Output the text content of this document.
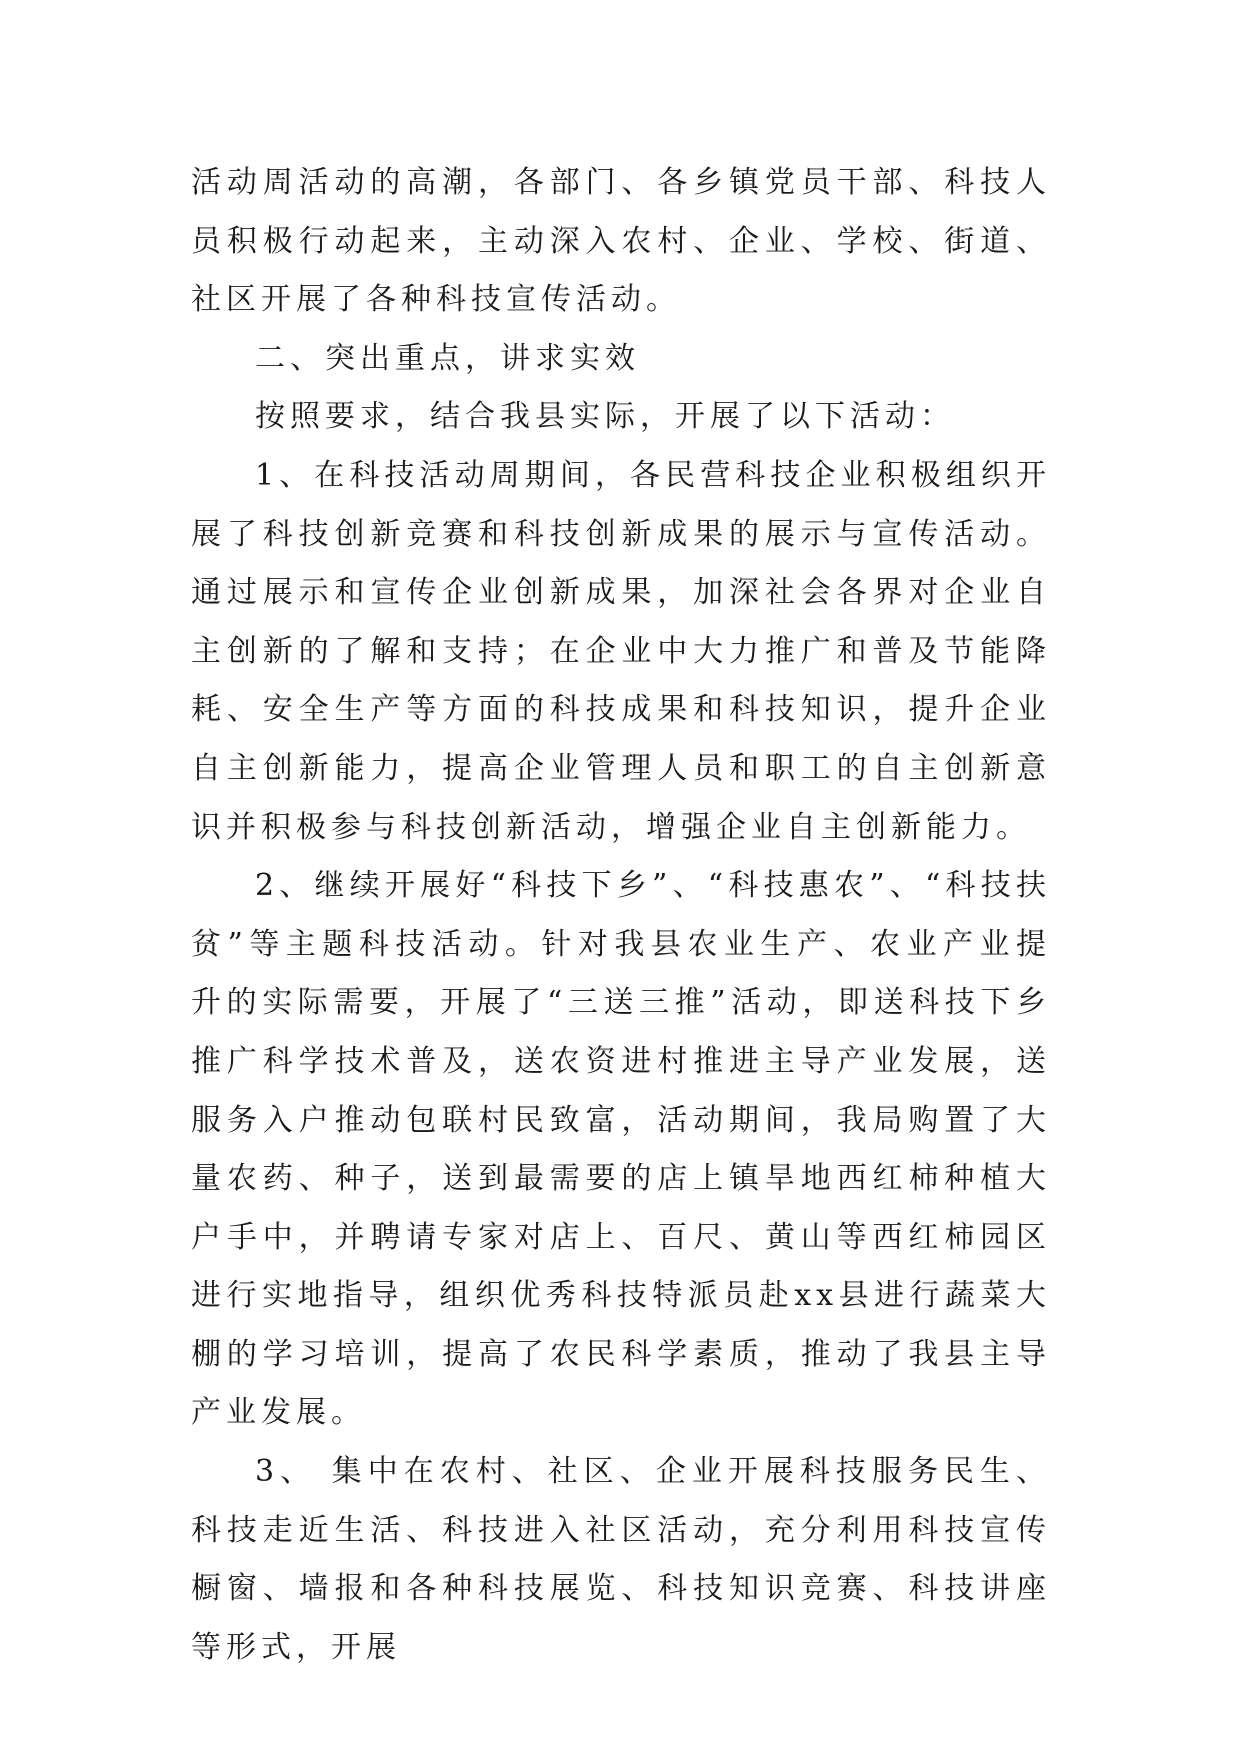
活动周活动的高潮，各部门、各乡镇党员干部、科技人员积极行动起来，主动深入农村、企业、学校、街道、社区开展了各种科技宣传活动。

二、突出重点，讲求实效

按照要求，结合我县实际，开展了以下活动：

1、在科技活动周期间，各民营科技企业积极组织开展了科技创新竞赛和科技创新成果的展示与宣传活动。通过展示和宣传企业创新成果，加深社会各界对企业自主创新的了解和支持；在企业中大力推广和普及节能降耗、安全生产等方面的科技成果和科技知识，提升企业自主创新能力，提高企业管理人员和职工的自主创新意识并积极参与科技创新活动，增强企业自主创新能力。

2、继续开展好“科技下乡”、“科技惠农”、“科技扶贫”等主题科技活动。针对我县农业生产、农业产业提升的实际需要，开展了“三送三推”活动，即送科技下乡推广科学技术普及，送农资进村推进主导产业发展，送服务入户推动包联村民致富，活动期间，我局购置了大量农药、种子，送到最需要的店上镇旱地西红柿种植大户手中，并聘请专家对店上、百尺、黄山等西红柿园区进行实地指导，组织优秀科技特派员赴xx县进行蔬菜大棚的学习培训，提高了农民科学素质，推动了我县主导产业发展。

3、 集中在农村、社区、企业开展科技服务民生、科技走近生活、科技进入社区活动，充分利用科技宣传橱窗、墙报和各种科技展览、科技知识竞赛、科技讲座等形式，开展
